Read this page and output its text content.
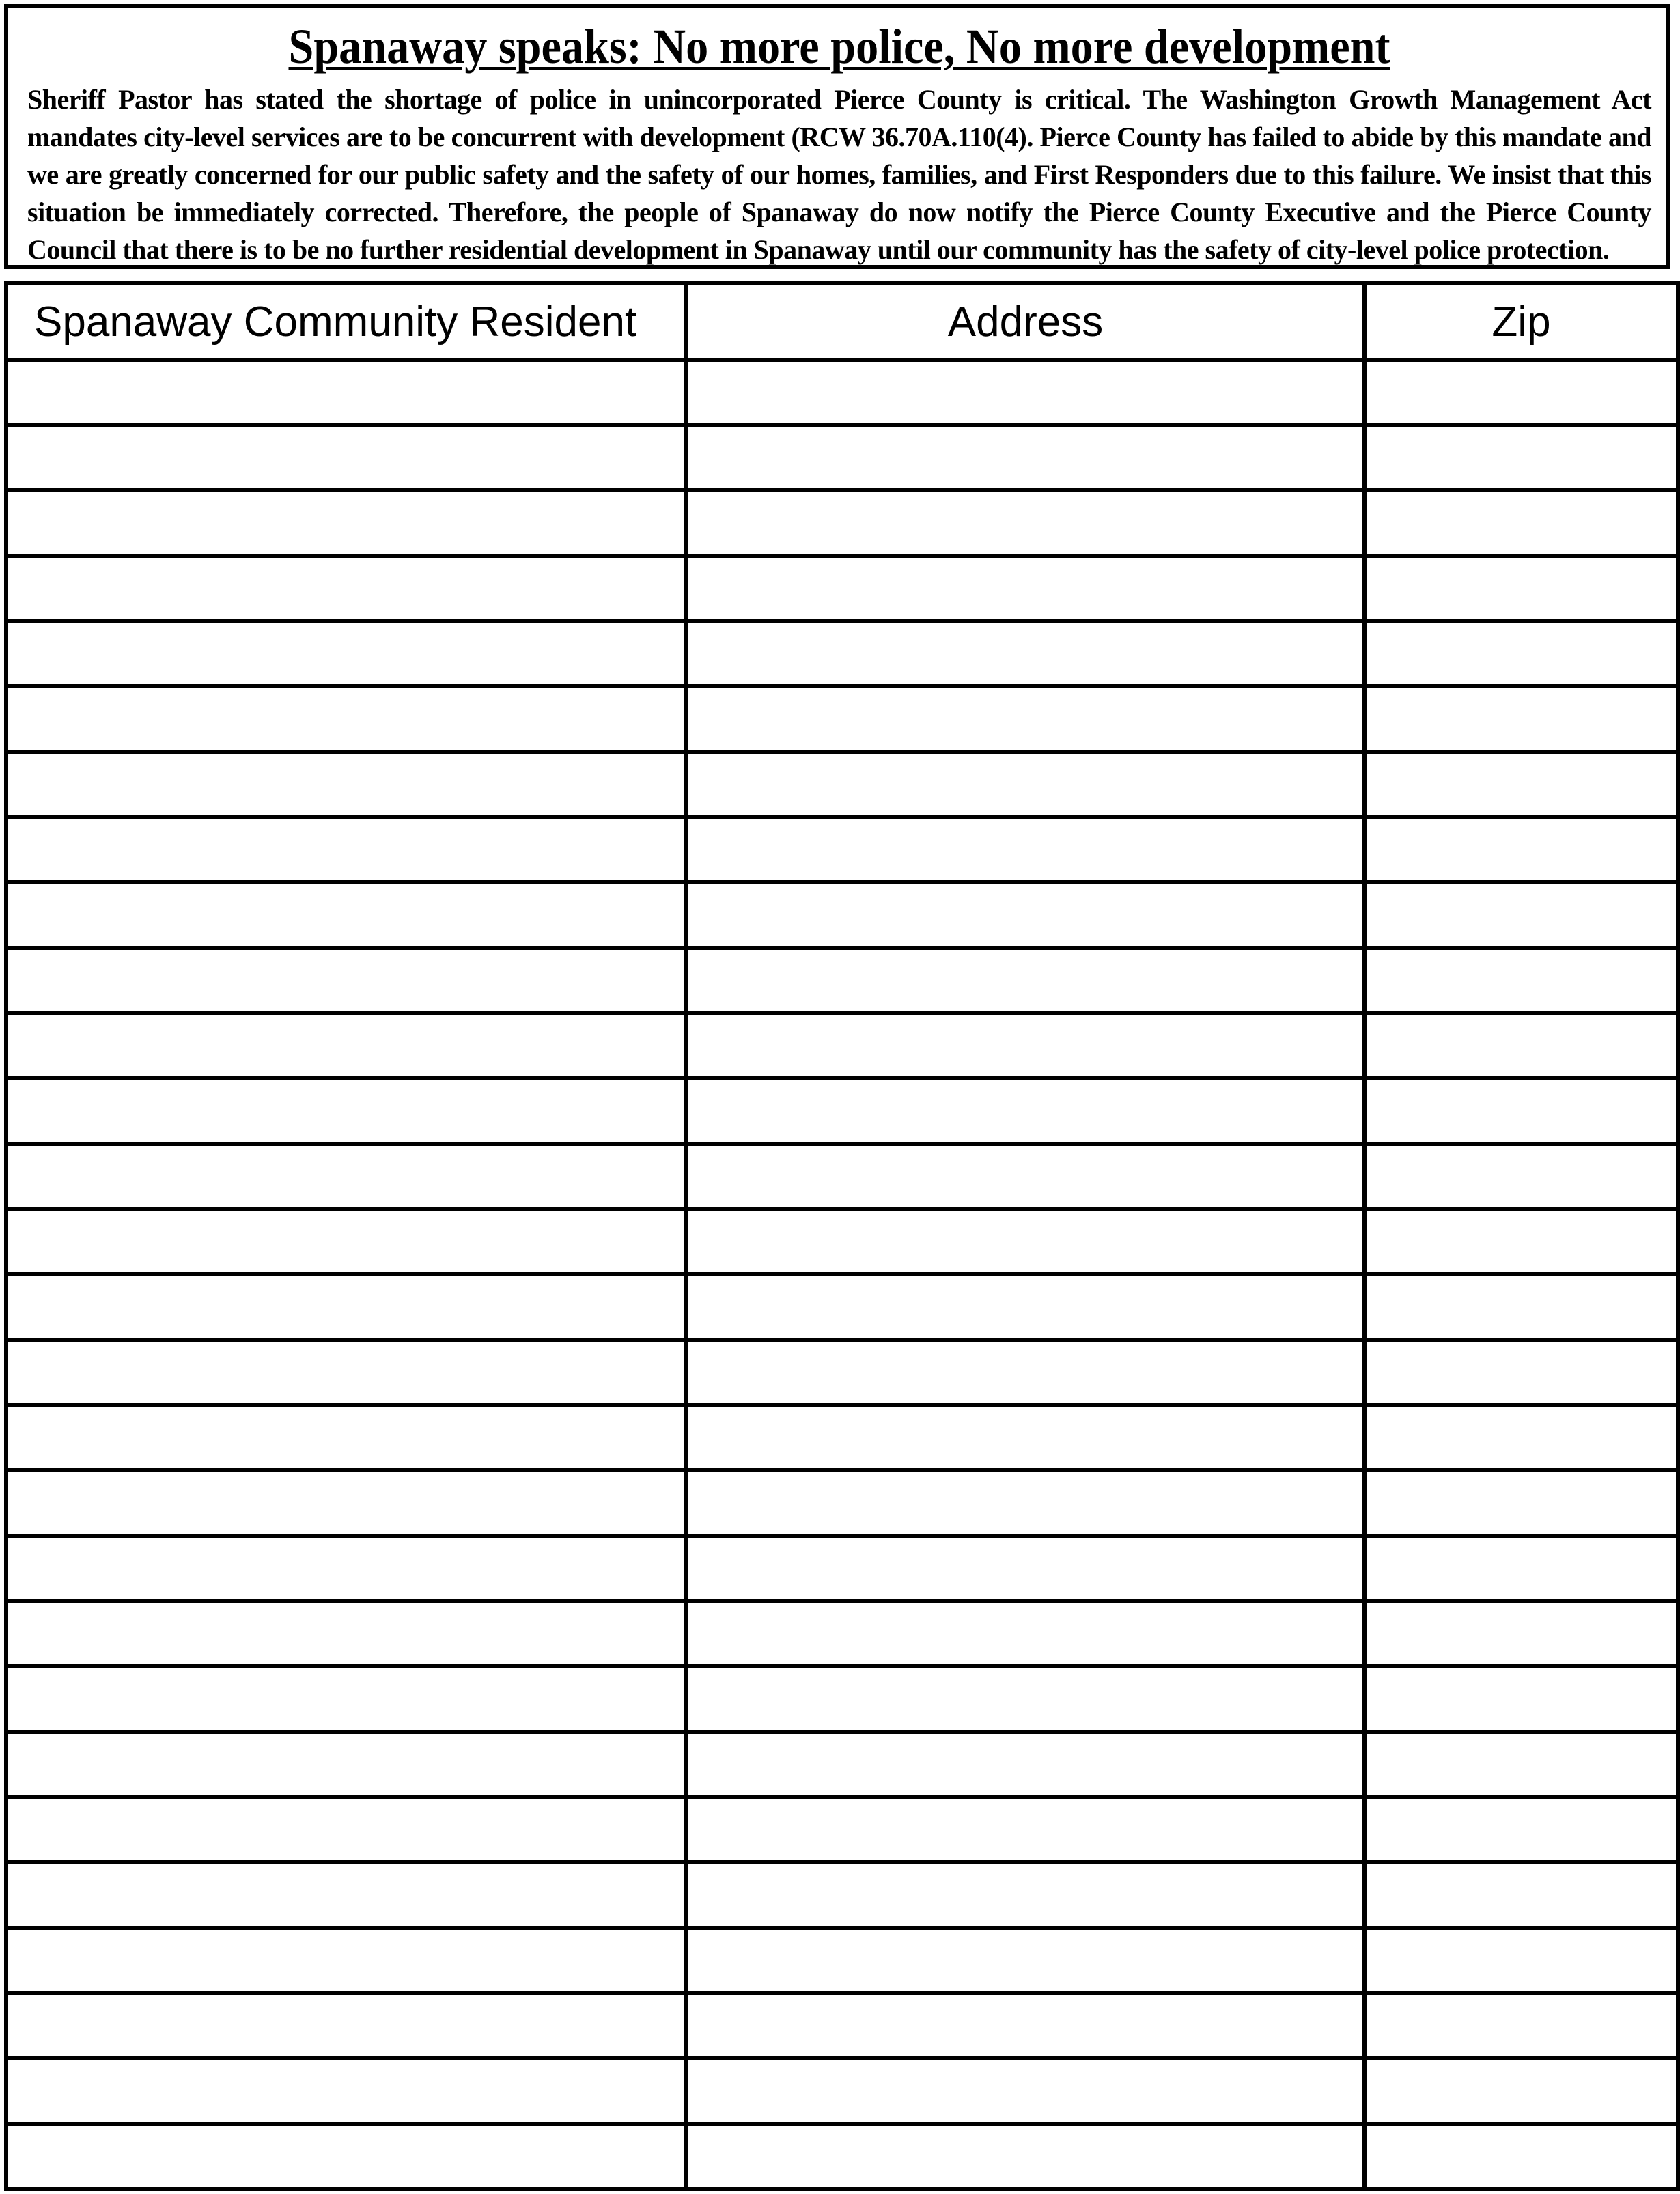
Spanaway speaks: No more police, No more development
Sheriff Pastor has stated the shortage of police in unincorporated Pierce County is critical. The Washington Growth Management Act mandates city-level services are to be concurrent with development (RCW 36.70A.110(4). Pierce County has failed to abide by this mandate and we are greatly concerned for our public safety and the safety of our homes, families, and First Responders due to this failure. We insist that this situation be immediately corrected. Therefore, the people of Spanaway do now notify the Pierce County Executive and the Pierce County Council that there is to be no further residential development in Spanaway until our community has the safety of city-level police protection.
Spanaway Community Resident	Address	Zip
